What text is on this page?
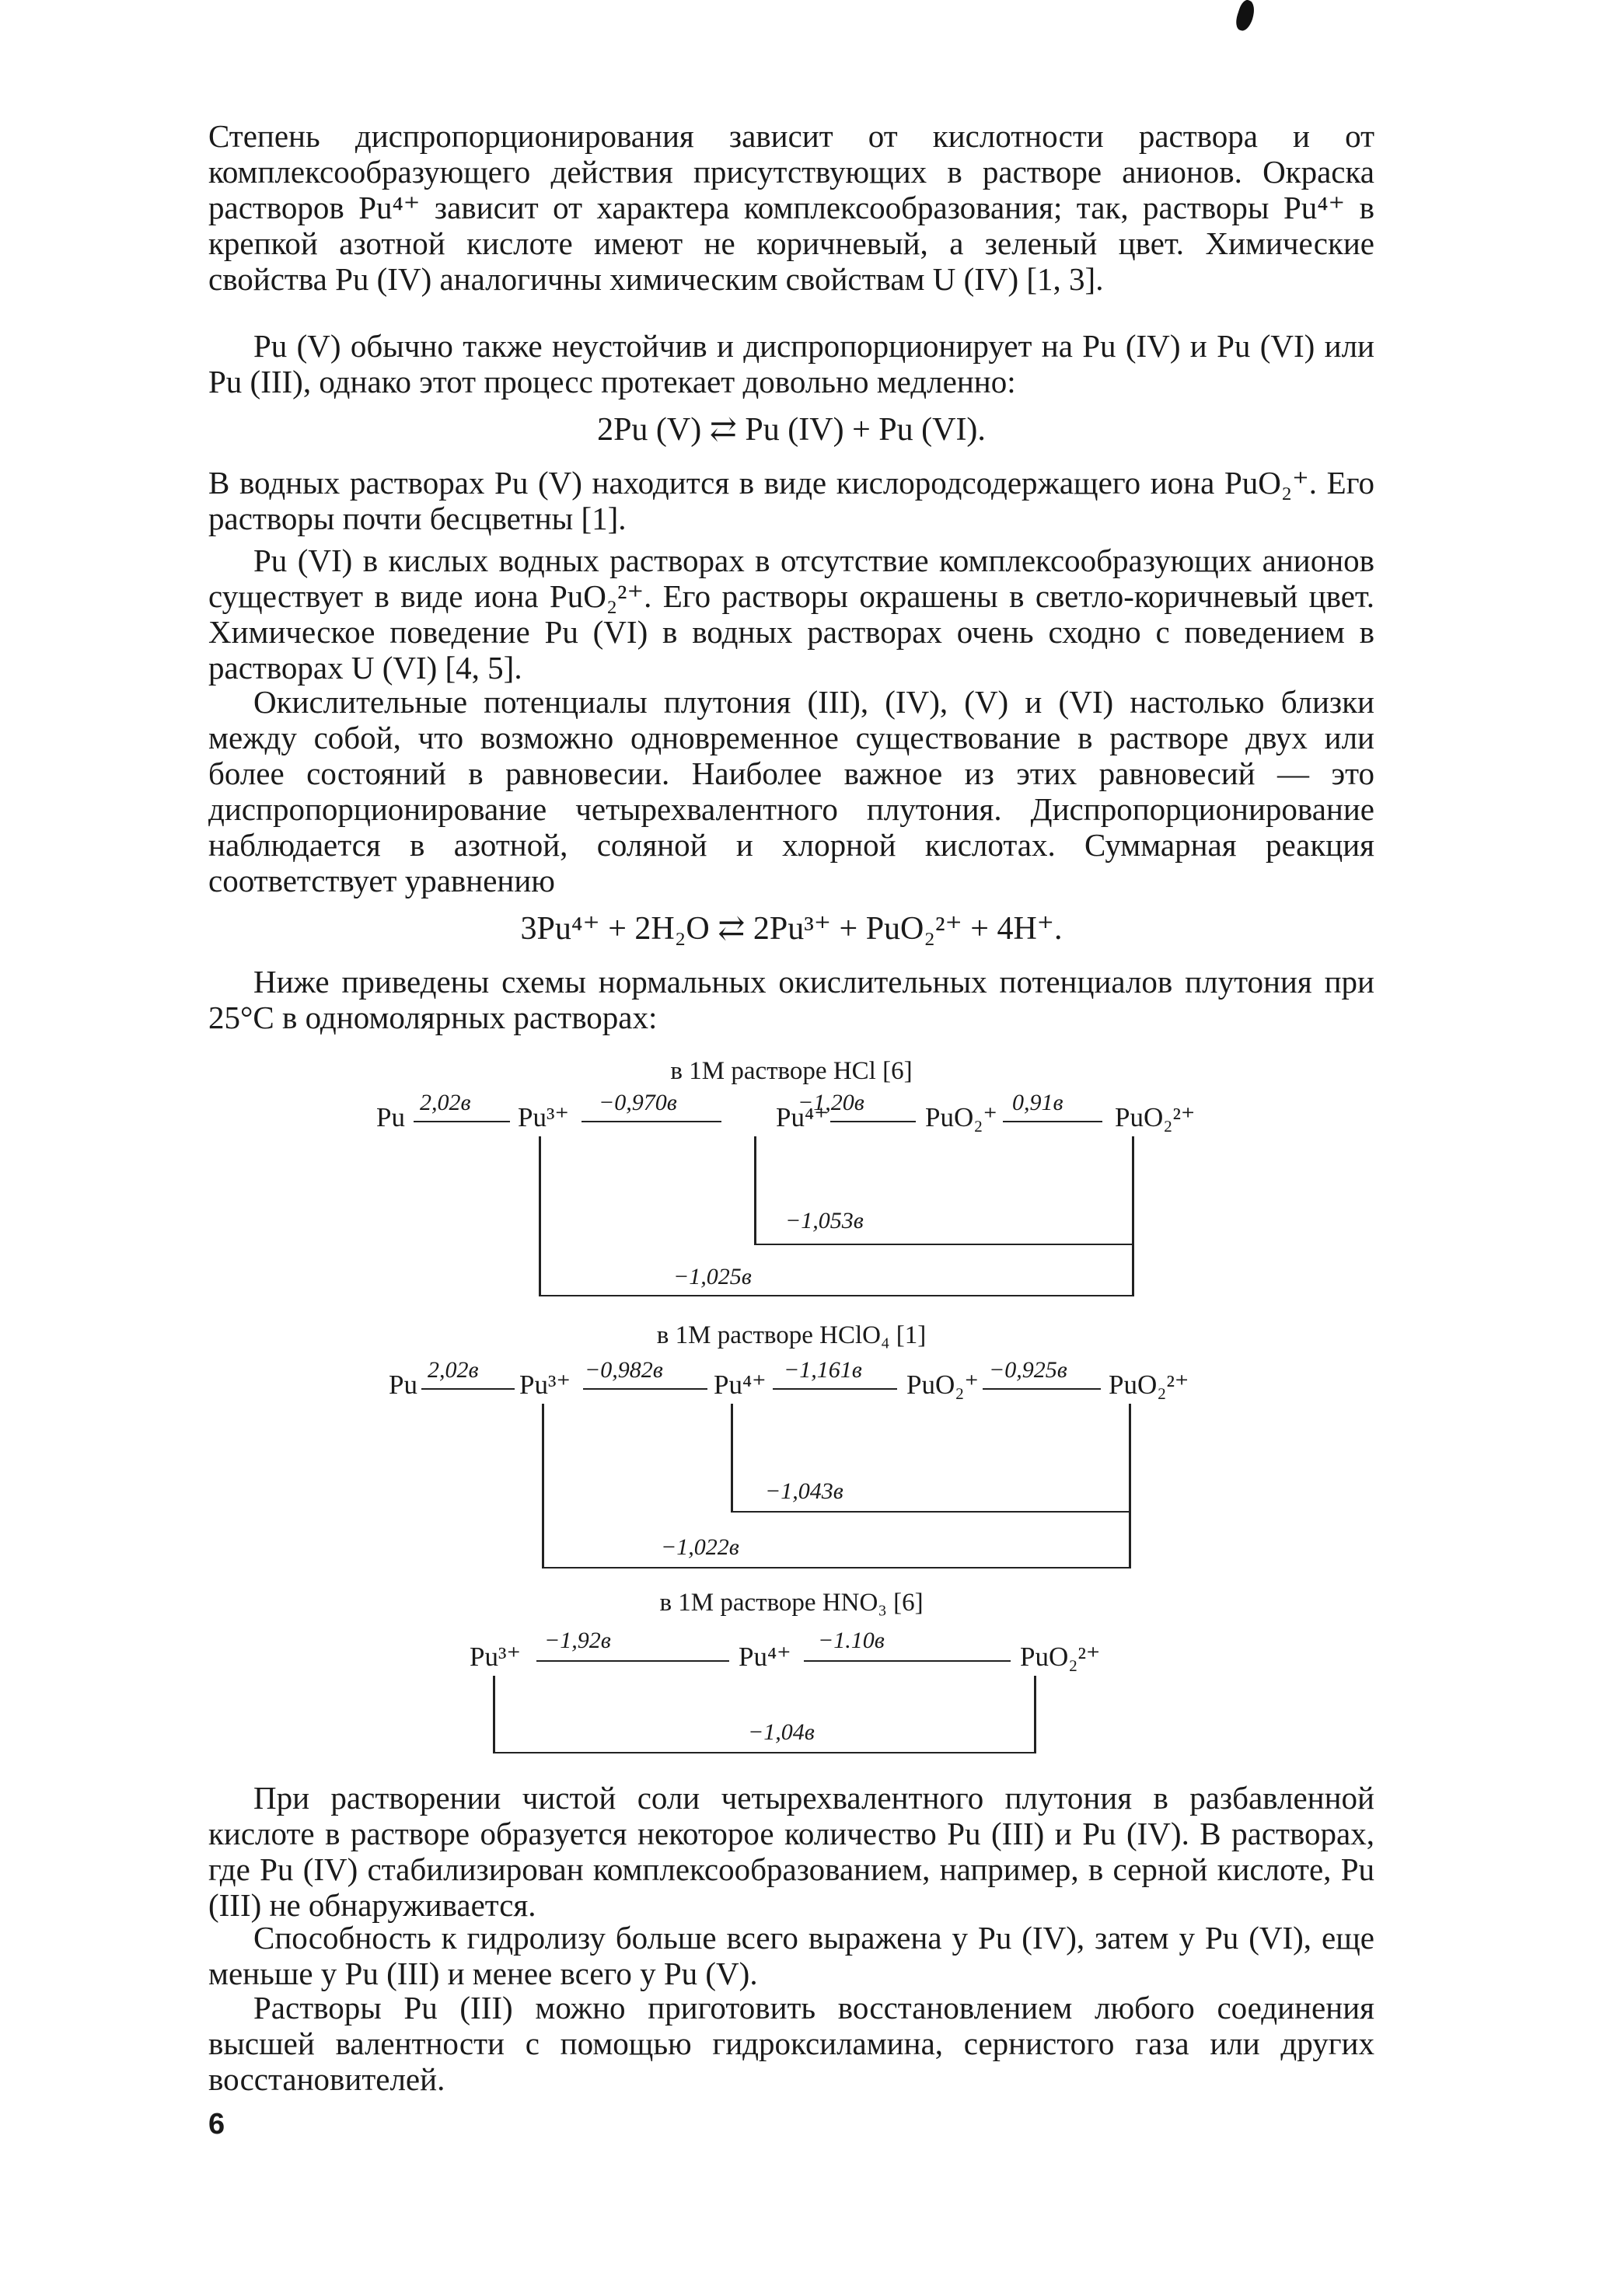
Степень диспропорционирования зависит от кислотности раствора и от комплексообразующего действия присутствующих в растворе анионов. Окраска растворов Pu⁴⁺ зависит от характера комплексообразования; так, растворы Pu⁴⁺ в крепкой азотной кислоте имеют не коричневый, а зеленый цвет. Химические свойства Pu (IV) аналогичны химическим свойствам U (IV) [1, 3].

Pu (V) обычно также неустойчив и диспропорционирует на Pu (IV) и Pu (VI) или Pu (III), однако этот процесс протекает довольно медленно:

2Pu (V) ⇄ Pu (IV) + Pu (VI).

В водных растворах Pu (V) находится в виде кислородсодержащего иона PuO₂⁺. Его растворы почти бесцветны [1].

Pu (VI) в кислых водных растворах в отсутствие комплексообразующих анионов существует в виде иона PuO₂²⁺. Его растворы окрашены в светло-коричневый цвет. Химическое поведение Pu (VI) в водных растворах очень сходно с поведением в растворах U (VI) [4, 5].

Окислительные потенциалы плутония (III), (IV), (V) и (VI) настолько близки между собой, что возможно одновременное существование в растворе двух или более состояний в равновесии. Наиболее важное из этих равновесий — это диспропорционирование четырехвалентного плутония. Диспропорционирование наблюдается в азотной, соляной и хлорной кислотах. Суммарная реакция соответствует уравнению

3Pu⁴⁺ + 2H₂O ⇄ 2Pu³⁺ + PuO₂²⁺ + 4H⁺.

Ниже приведены схемы нормальных окислительных потенциалов плутония при 25°С в одномолярных растворах:

в 1M растворе HCl [6]
Pu	Pu³⁺	Pu⁴⁺	PuO₂⁺	PuO₂²⁺
2,02в	−0,970в	−1,20в	0,91в
−1,053в
−1,025в
в 1M растворе HClO₄ [1]
Pu	Pu³⁺	Pu⁴⁺	PuO₂⁺	PuO₂²⁺
2,02в	−0,982в	−1,161в	−0,925в
−1,043в
−1,022в
в 1M растворе HNO₃ [6]
Pu³⁺	Pu⁴⁺	PuO₂²⁺
−1,92в	−1.10в
−1,04в

При растворении чистой соли четырехвалентного плутония в разбавленной кислоте в растворе образуется некоторое количество Pu (III) и Pu (IV). В растворах, где Pu (IV) стабилизирован комплексообразованием, например, в серной кислоте, Pu (III) не обнаруживается.

Способность к гидролизу больше всего выражена у Pu (IV), затем у Pu (VI), еще меньше у Pu (III) и менее всего у Pu (V).

Растворы Pu (III) можно приготовить восстановлением любого соединения высшей валентности с помощью гидроксиламина, сернистого газа или других восстановителей.

6
